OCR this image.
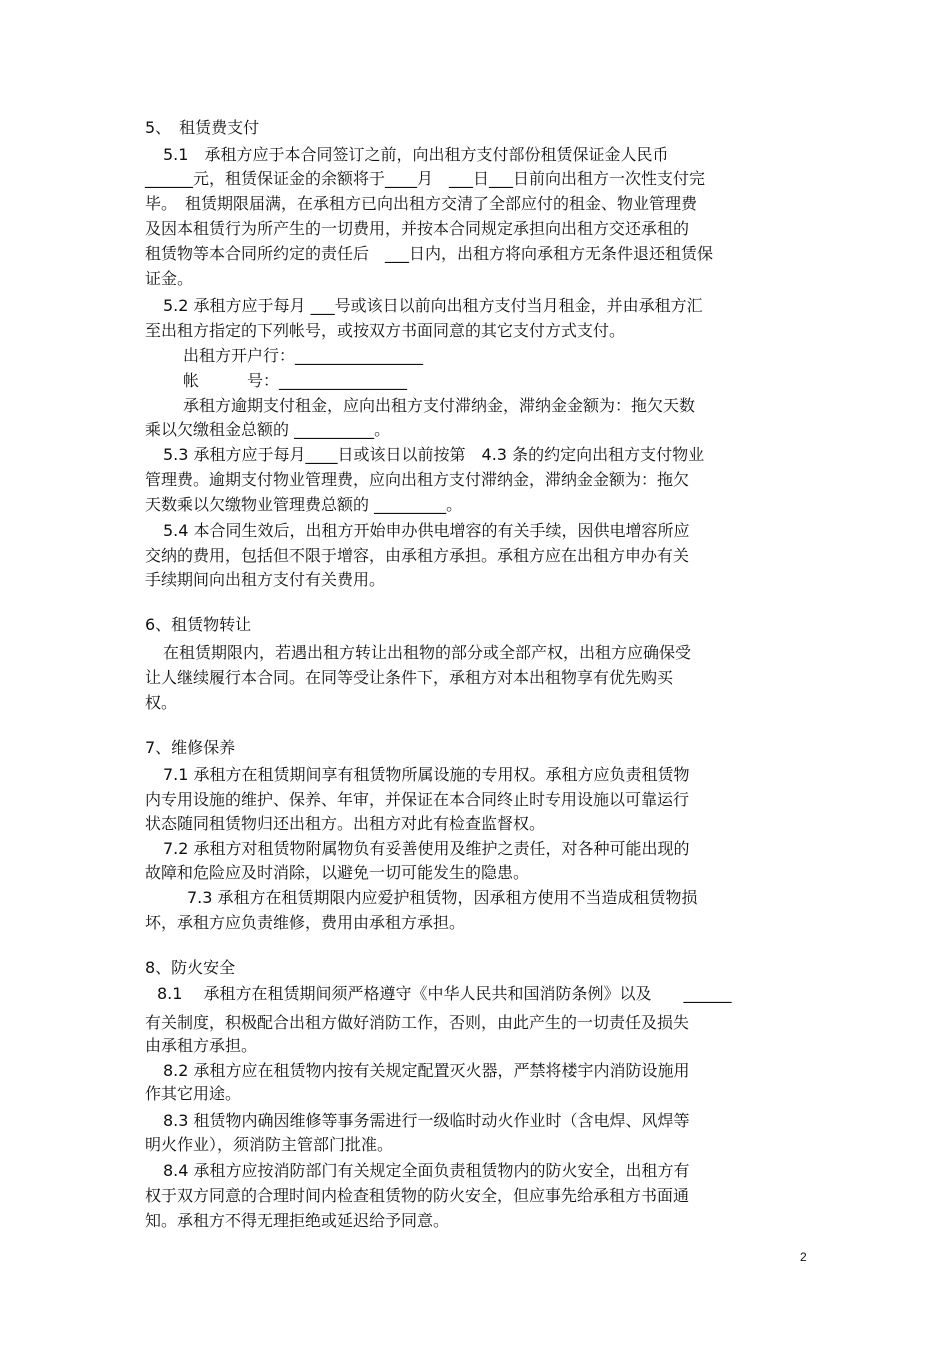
5、　租赁费支付
5.1　承租方应于本合同签订之前，向出租方支付部份租赁保证金人民币
______元，租赁保证金的余额将于____月　___日___日前向出租方一次性支付完
毕。　租赁期限届满，在承租方已向出租方交清了全部应付的租金、物业管理费
及因本租赁行为所产生的一切费用，并按本合同规定承担向出租方交还承租的
租赁物等本合同所约定的责任后　___日内，出租方将向承租方无条件退还租赁保
证金。
5.2 承租方应于每月 ___号或该日以前向出租方支付当月租金，并由承租方汇
至出租方指定的下列帐号，或按双方书面同意的其它支付方式支付。
出租方开户行：________________
帐　　　号：________________
承租方逾期支付租金，应向出租方支付滞纳金，滞纳金金额为：拖欠天数
乘以欠缴租金总额的 __________。
5.3 承租方应于每月____日或该日以前按第　4.3 条的约定向出租方支付物业
管理费。逾期支付物业管理费，应向出租方支付滞纳金，滞纳金金额为：拖欠
天数乘以欠缴物业管理费总额的 _________。
5.4 本合同生效后，出租方开始申办供电增容的有关手续，因供电增容所应
交纳的费用，包括但不限于增容，由承租方承担。承租方应在出租方申办有关
手续期间向出租方支付有关费用。
6、租赁物转让
在租赁期限内，若遇出租方转让出租物的部分或全部产权，出租方应确保受
让人继续履行本合同。在同等受让条件下，承租方对本出租物享有优先购买
权。
7、维修保养
7.1 承租方在租赁期间享有租赁物所属设施的专用权。承租方应负责租赁物
内专用设施的维护、保养、年审，并保证在本合同终止时专用设施以可靠运行
状态随同租赁物归还出租方。出租方对此有检查监督权。
7.2 承租方对租赁物附属物负有妥善使用及维护之责任，对各种可能出现的
故障和危险应及时消除，以避免一切可能发生的隐患。
7.3 承租方在租赁期限内应爱护租赁物，因承租方使用不当造成租赁物损
坏，承租方应负责维修，费用由承租方承担。
8、防火安全
8.1　 承租方在租赁期间须严格遵守《中华人民共和国消防条例》以及　　______
有关制度，积极配合出租方做好消防工作，否则，由此产生的一切责任及损失
由承租方承担。
8.2 承租方应在租赁物内按有关规定配置灭火器，严禁将楼宇内消防设施用
作其它用途。
8.3 租赁物内确因维修等事务需进行一级临时动火作业时（含电焊、风焊等
明火作业），须消防主管部门批准。
8.4 承租方应按消防部门有关规定全面负责租赁物内的防火安全，出租方有
权于双方同意的合理时间内检查租赁物的防火安全，但应事先给承租方书面通
知。承租方不得无理拒绝或延迟给予同意。
2
